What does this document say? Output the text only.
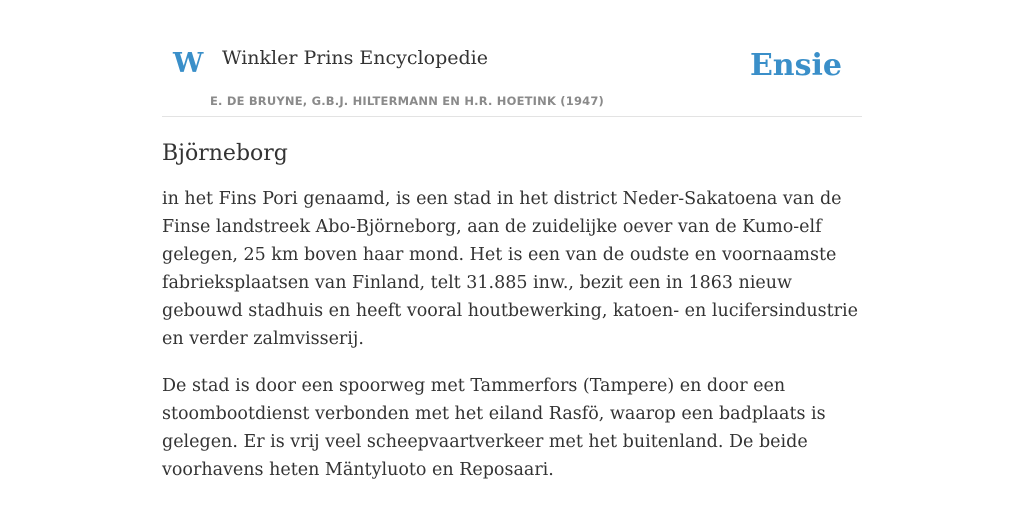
W Winkler Prins Encyclopedie
E. DE BRUYNE, G.B.J. HILTERMANN EN H.R. HOETINK (1947)
Ensie
Björneborg

in het Fins Pori genaamd, is een stad in het district Neder-Sakatoena van de Finse landstreek Abo-Björneborg, aan de zuidelijke oever van de Kumo-elf gelegen, 25 km boven haar mond. Het is een van de oudste en voornaamste fabrieksplaatsen van Finland, telt 31.885 inw., bezit een in 1863 nieuw gebouwd stadhuis en heeft vooral houtbewerking, katoen- en lucifersindustrie en verder zalmvisserij.

De stad is door een spoorweg met Tammerfors (Tampere) en door een stoombootdienst verbonden met het eiland Rasfö, waarop een badplaats is gelegen. Er is vrij veel scheepvaartverkeer met het buitenland. De beide voorhavens heten Mäntyluoto en Reposaari.
